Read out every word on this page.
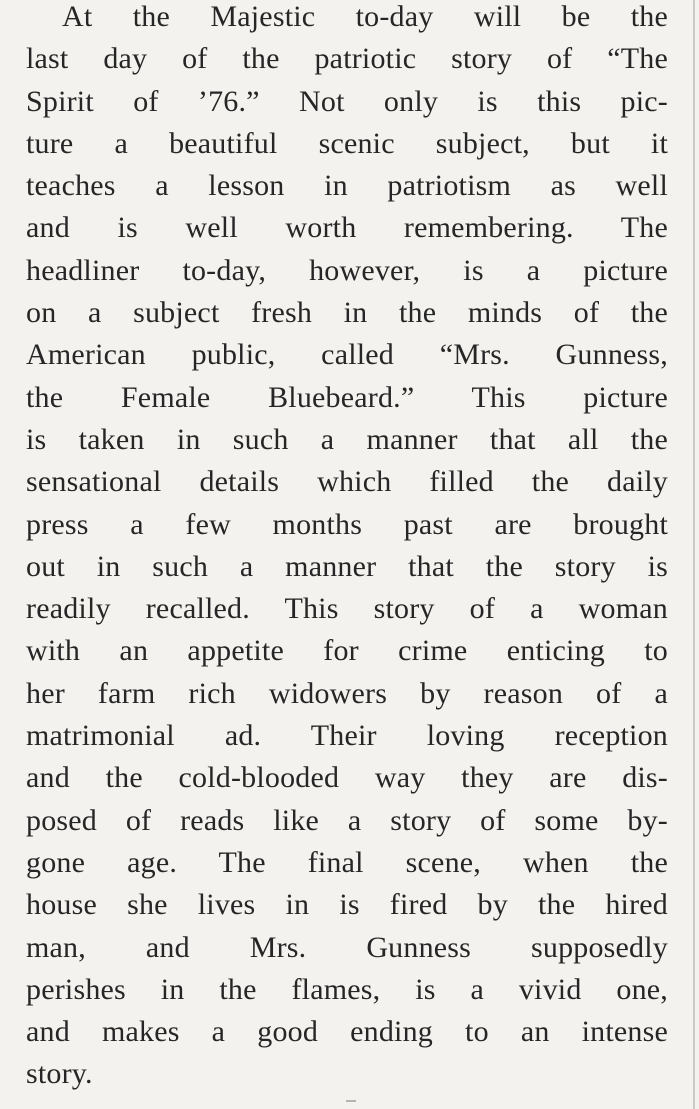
At the Majestic to-day will be the
last day of the patriotic story of “The
Spirit of ’76.” Not only is this pic-
ture a beautiful scenic subject, but it
teaches a lesson in patriotism as well
and is well worth remembering. The
headliner to-day, however, is a picture
on a subject fresh in the minds of the
American public, called “Mrs. Gunness,
the Female Bluebeard.” This picture
is taken in such a manner that all the
sensational details which filled the daily
press a few months past are brought
out in such a manner that the story is
readily recalled. This story of a woman
with an appetite for crime enticing to
her farm rich widowers by reason of a
matrimonial ad. Their loving reception
and the cold-blooded way they are dis-
posed of reads like a story of some by-
gone age. The final scene, when the
house she lives in is fired by the hired
man, and Mrs. Gunness supposedly
perishes in the flames, is a vivid one,
and makes a good ending to an intense
story.
